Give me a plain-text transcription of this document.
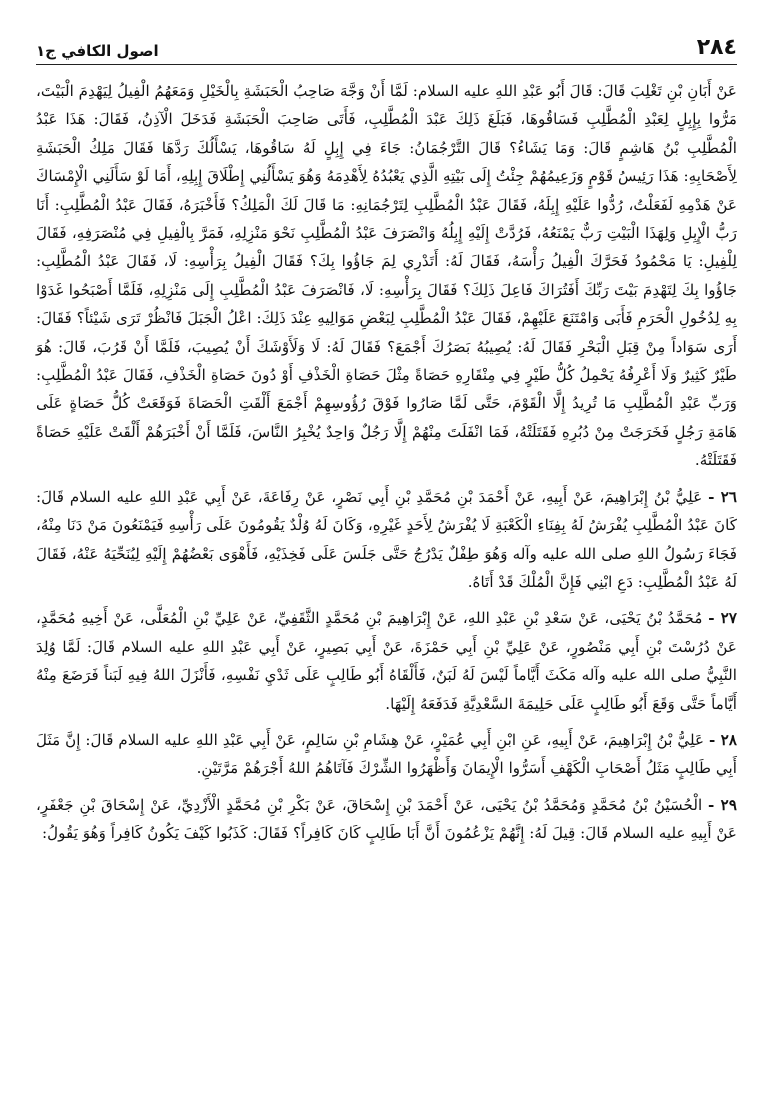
٢٨٤
اصول الكافي ج١

عَنْ أَبَانِ بْنِ تَغْلِبَ قَالَ: قَالَ أَبُو عَبْدِ اللهِ عليه السلام: لَمَّا أَنْ وَجَّهَ صَاحِبُ الْحَبَشَةِ بِالْخَيْلِ وَمَعَهُمُ الْفِيلُ لِيَهْدِمَ الْبَيْتَ، مَرُّوا بِإِبِلٍ لِعَبْدِ الْمُطَّلِبِ فَسَاقُوهَا، فَبَلَغَ ذَلِكَ عَبْدَ الْمُطَّلِبِ، فَأَتَى صَاحِبَ الْحَبَشَةِ فَدَخَلَ الْآذِنُ، فَقَالَ: هَذَا عَبْدُ الْمُطَّلِبِ بْنُ هَاشِمٍ قَالَ: وَمَا يَشَاءُ؟ قَالَ التَّرْجُمَانُ: جَاءَ فِي إِبِلٍ لَهُ سَاقُوهَا، يَسْأَلُكَ رَدَّهَا فَقَالَ مَلِكُ الْحَبَشَةِ لِأَصْحَابِهِ: هَذَا رَئِيسُ قَوْمٍ وَزَعِيمُهُمْ جِئْتُ إِلَى بَيْتِهِ الَّذِي يَعْبُدُهُ لِأَهْدِمَهُ وَهُوَ يَسْأَلُنِي إِطْلَاقَ إِبِلِهِ، أَمَا لَوْ سَأَلَنِي الْإِمْسَاكَ عَنْ هَدْمِهِ لَفَعَلْتُ، رُدُّوا عَلَيْهِ إِبِلَهُ، فَقَالَ عَبْدُ الْمُطَّلِبِ لِتَرْجُمَانِهِ: مَا قَالَ لَكَ الْمَلِكُ؟ فَأَخْبَرَهُ، فَقَالَ عَبْدُ الْمُطَّلِبِ: أَنَا رَبُّ الْإِبِلِ وَلِهَذَا الْبَيْتِ رَبٌّ يَمْنَعُهُ، فَرُدَّتْ إِلَيْهِ إِبِلُهُ وَانْصَرَفَ عَبْدُ الْمُطَّلِبِ نَحْوَ مَنْزِلِهِ، فَمَرَّ بِالْفِيلِ فِي مُنْصَرَفِهِ، فَقَالَ لِلْفِيلِ: يَا مَحْمُودُ فَحَرَّكَ الْفِيلُ رَأْسَهُ، فَقَالَ لَهُ: أَتَدْرِي لِمَ جَاؤُوا بِكَ؟ فَقَالَ الْفِيلُ بِرَأْسِهِ: لَا، فَقَالَ عَبْدُ الْمُطَّلِبِ: جَاؤُوا بِكَ لِتَهْدِمَ بَيْتَ رَبِّكَ أَفَتُرَاكَ فَاعِلَ ذَلِكَ؟ فَقَالَ بِرَأْسِهِ: لَا، فَانْصَرَفَ عَبْدُ الْمُطَّلِبِ إِلَى مَنْزِلِهِ، فَلَمَّا أَصْبَحُوا غَدَوْا بِهِ لِدُخُولِ الْحَرَمِ فَأَبَى وَامْتَنَعَ عَلَيْهِمْ، فَقَالَ عَبْدُ الْمُطَّلِبِ لِبَعْضِ مَوَالِيهِ عِنْدَ ذَلِكَ: اعْلُ الْجَبَلَ فَانْظُرْ تَرَى شَيْئاً؟ فَقَالَ: أَرَى سَوَاداً مِنْ قِبَلِ الْبَحْرِ فَقَالَ لَهُ: يُصِيبُهُ بَصَرُكَ أَجْمَعَ؟ فَقَالَ لَهُ: لَا وَلَأَوْشَكَ أَنْ يُصِيبَ، فَلَمَّا أَنْ قَرُبَ، قَالَ: هُوَ طَيْرٌ كَثِيرٌ وَلَا أَعْرِفُهُ يَحْمِلُ كُلُّ طَيْرٍ فِي مِنْقَارِهِ حَصَاةً مِثْلَ حَصَاةِ الْخَذْفِ أَوْ دُونَ حَصَاةِ الْخَذْفِ، فَقَالَ عَبْدُ الْمُطَّلِبِ: وَرَبِّ عَبْدِ الْمُطَّلِبِ مَا تُرِيدُ إِلَّا الْقَوْمَ، حَتَّى لَمَّا صَارُوا فَوْقَ رُؤُوسِهِمْ أَجْمَعَ أَلْقَتِ الْحَصَاةَ فَوَقَعَتْ كُلُّ حَصَاةٍ عَلَى هَامَةِ رَجُلٍ فَخَرَجَتْ مِنْ دُبُرِهِ فَقَتَلَتْهُ، فَمَا انْفَلَتَ مِنْهُمْ إِلَّا رَجُلٌ وَاحِدٌ يُخْبِرُ النَّاسَ، فَلَمَّا أَنْ أَخْبَرَهُمْ أَلْقَتْ عَلَيْهِ حَصَاةً فَقَتَلَتْهُ.

٢٦ - عَلِيُّ بْنُ إِبْرَاهِيمَ، عَنْ أَبِيهِ، عَنْ أَحْمَدَ بْنِ مُحَمَّدِ بْنِ أَبِي نَصْرٍ، عَنْ رِفَاعَةَ، عَنْ أَبِي عَبْدِ اللهِ عليه السلام قَالَ: كَانَ عَبْدُ الْمُطَّلِبِ يُفْرَشُ لَهُ بِفِنَاءِ الْكَعْبَةِ لَا يُفْرَشُ لِأَحَدٍ غَيْرِهِ، وَكَانَ لَهُ وُلْدٌ يَقُومُونَ عَلَى رَأْسِهِ فَيَمْنَعُونَ مَنْ دَنَا مِنْهُ، فَجَاءَ رَسُولُ اللهِ صلى الله عليه وآله وَهُوَ طِفْلٌ يَدْرُجُ حَتَّى جَلَسَ عَلَى فَخِذَيْهِ، فَأَهْوَى بَعْضُهُمْ إِلَيْهِ لِيُنَحِّيَهُ عَنْهُ، فَقَالَ لَهُ عَبْدُ الْمُطَّلِبِ: دَعِ ابْنِي فَإِنَّ الْمُلْكَ قَدْ أَتَاهُ.

٢٧ - مُحَمَّدُ بْنُ يَحْيَى، عَنْ سَعْدِ بْنِ عَبْدِ اللهِ، عَنْ إِبْرَاهِيمَ بْنِ مُحَمَّدٍ الثَّقَفِيِّ، عَنْ عَلِيِّ بْنِ الْمُعَلَّى، عَنْ أَخِيهِ مُحَمَّدٍ، عَنْ دُرُسْتَ بْنِ أَبِي مَنْصُورٍ، عَنْ عَلِيِّ بْنِ أَبِي حَمْزَةَ، عَنْ أَبِي بَصِيرٍ، عَنْ أَبِي عَبْدِ اللهِ عليه السلام قَالَ: لَمَّا وُلِدَ النَّبِيُّ صلى الله عليه وآله مَكَثَ أَيَّاماً لَيْسَ لَهُ لَبَنٌ، فَأَلْقَاهُ أَبُو طَالِبٍ عَلَى ثَدْيِ نَفْسِهِ، فَأَنْزَلَ اللهُ فِيهِ لَبَناً فَرَضَعَ مِنْهُ أَيَّاماً حَتَّى وَقَعَ أَبُو طَالِبٍ عَلَى حَلِيمَةَ السَّعْدِيَّةِ فَدَفَعَهُ إِلَيْهَا.

٢٨ - عَلِيُّ بْنُ إِبْرَاهِيمَ، عَنْ أَبِيهِ، عَنِ ابْنِ أَبِي عُمَيْرٍ، عَنْ هِشَامِ بْنِ سَالِمٍ، عَنْ أَبِي عَبْدِ اللهِ عليه السلام قَالَ: إِنَّ مَثَلَ أَبِي طَالِبٍ مَثَلُ أَصْحَابِ الْكَهْفِ أَسَرُّوا الْإِيمَانَ وَأَظْهَرُوا الشِّرْكَ فَآتَاهُمُ اللهُ أَجْرَهُمْ مَرَّتَيْنِ.

٢٩ - الْحُسَيْنُ بْنُ مُحَمَّدٍ وَمُحَمَّدُ بْنُ يَحْيَى، عَنْ أَحْمَدَ بْنِ إِسْحَاقَ، عَنْ بَكْرِ بْنِ مُحَمَّدٍ الْأَزْدِيِّ، عَنْ إِسْحَاقَ بْنِ جَعْفَرٍ، عَنْ أَبِيهِ عليه السلام قَالَ: قِيلَ لَهُ: إِنَّهُمْ يَزْعُمُونَ أَنَّ أَبَا طَالِبٍ كَانَ كَافِراً؟ فَقَالَ: كَذَبُوا كَيْفَ يَكُونُ كَافِراً وَهُوَ يَقُولُ:
